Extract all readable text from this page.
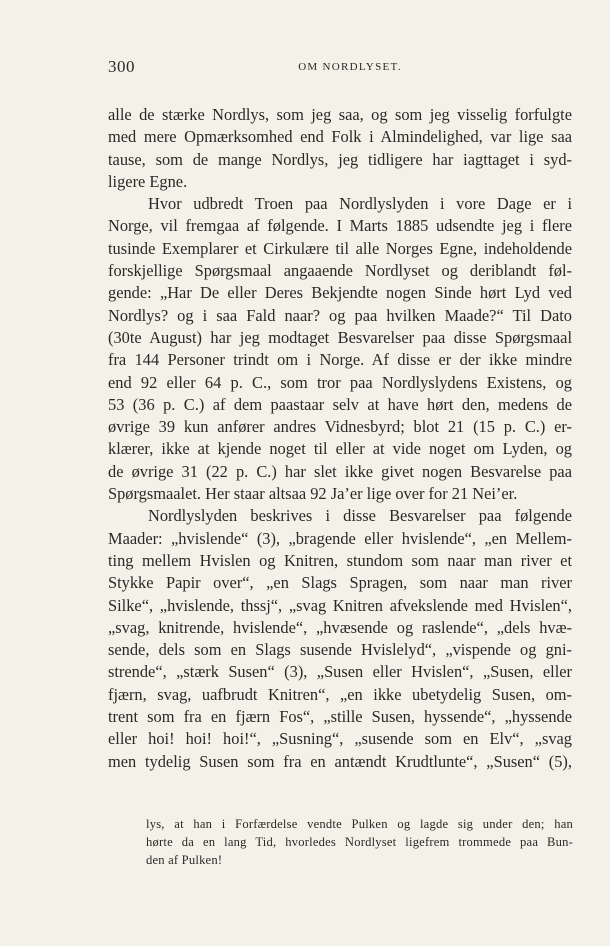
300	OM NORDLYSET.
alle de stærke Nordlys, som jeg saa, og som jeg visselig forfulgte
med mere Opmærksomhed end Folk i Almindelighed, var lige saa
tause, som de mange Nordlys, jeg tidligere har iagttaget i syd-
ligere Egne.
Hvor udbredt Troen paa Nordlyslyden i vore Dage er i
Norge, vil fremgaa af følgende. I Marts 1885 udsendte jeg i flere
tusinde Exemplarer et Cirkulære til alle Norges Egne, indeholdende
forskjellige Spørgsmaal angaaende Nordlyset og deriblandt føl-
gende: „Har De eller Deres Bekjendte nogen Sinde hørt Lyd ved
Nordlys? og i saa Fald naar? og paa hvilken Maade?“ Til Dato
(30te August) har jeg modtaget Besvarelser paa disse Spørgsmaal
fra 144 Personer trindt om i Norge. Af disse er der ikke mindre
end 92 eller 64 p. C., som tror paa Nordlyslydens Existens, og
53 (36 p. C.) af dem paastaar selv at have hørt den, medens de
øvrige 39 kun anfører andres Vidnesbyrd; blot 21 (15 p. C.) er-
klærer, ikke at kjende noget til eller at vide noget om Lyden, og
de øvrige 31 (22 p. C.) har slet ikke givet nogen Besvarelse paa
Spørgsmaalet. Her staar altsaa 92 Ja’er lige over for 21 Nei’er.
Nordlyslyden beskrives i disse Besvarelser paa følgende
Maader: „hvislende“ (3), „bragende eller hvislende“, „en Mellem-
ting mellem Hvislen og Knitren, stundom som naar man river et
Stykke Papir over“, „en Slags Spragen, som naar man river
Silke“, „hvislende, thssj“, „svag Knitren afvekslende med Hvislen“,
„svag, knitrende, hvislende“, „hvæsende og raslende“, „dels hvæ-
sende, dels som en Slags susende Hvislelyd“, „vispende og gni-
strende“, „stærk Susen“ (3), „Susen eller Hvislen“, „Susen, eller
fjærn, svag, uafbrudt Knitren“, „en ikke ubetydelig Susen, om-
trent som fra en fjærn Fos“, „stille Susen, hyssende“, „hyssende
eller hoi! hoi! hoi!“, „Susning“, „susende som en Elv“, „svag
men tydelig Susen som fra en antændt Krudtlunte“, „Susen“ (5),
lys, at han i Forfærdelse vendte Pulken og lagde sig under den; han
hørte da en lang Tid, hvorledes Nordlyset ligefrem trommede paa Bun-
den af Pulken!
